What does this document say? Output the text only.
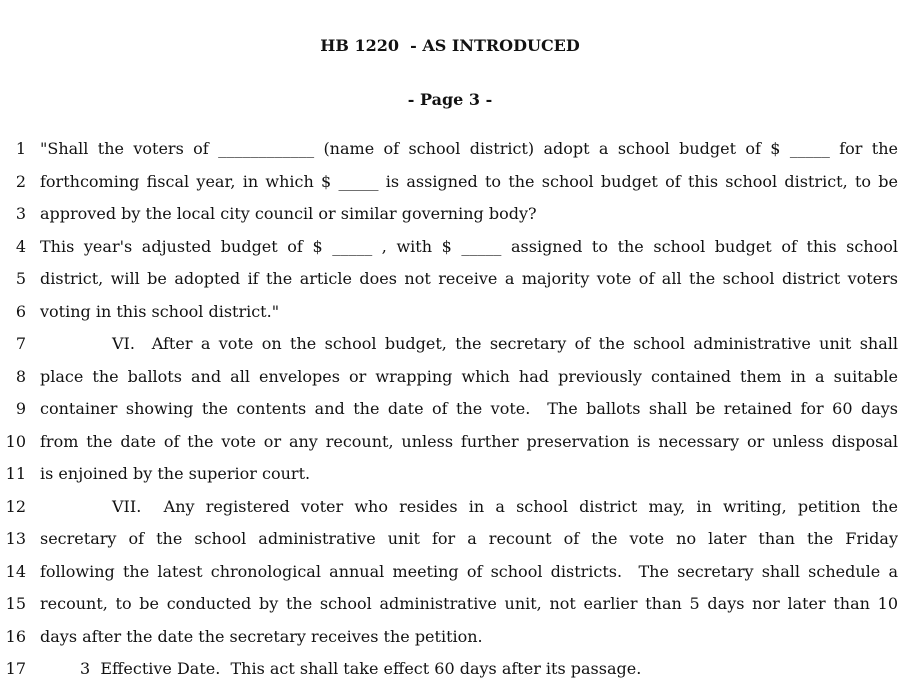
HB 1220  - AS INTRODUCED

- Page 3 -

1 "Shall the voters of ____________ (name of school district) adopt a school budget of $ _____ for the
2 forthcoming fiscal year, in which $ _____ is assigned to the school budget of this school district, to be
3 approved by the local city council or similar governing body?
4 This year's adjusted budget of $ _____ , with $ _____ assigned to the school budget of this school
5 district, will be adopted if the article does not receive a majority vote of all the school district voters
6 voting in this school district."
7	VI.  After a vote on the school budget, the secretary of the school administrative unit shall
8 place the ballots and all envelopes or wrapping which had previously contained them in a suitable
9 container showing the contents and the date of the vote.  The ballots shall be retained for 60 days
10 from the date of the vote or any recount, unless further preservation is necessary or unless disposal
11 is enjoined by the superior court.
12	VII.  Any registered voter who resides in a school district may, in writing, petition the
13 secretary of the school administrative unit for a recount of the vote no later than the Friday
14 following the latest chronological annual meeting of school districts.  The secretary shall schedule a
15 recount, to be conducted by the school administrative unit, not earlier than 5 days nor later than 10
16 days after the date the secretary receives the petition.
17	3  Effective Date.  This act shall take effect 60 days after its passage.
